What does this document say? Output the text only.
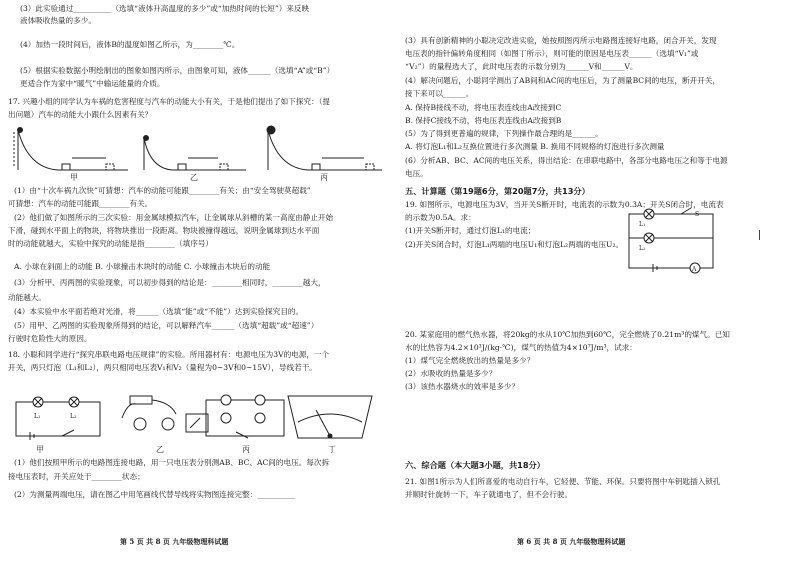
(3）此实验通过__________（选填“液体升高温度的多少”或“加热时间的长短”）来反映
液体吸收热量的多少。
(4）加热一段时间后，液体B的温度如图乙所示，为________℃。
(5）根据实验数据小明绘制出的图象如图丙所示，由图象可知，液体______（选填“A”或“B”）
更适合作为家中“暖气”中输运能量的介质。
17. 兴趣小组的同学认为车祸的危害程度与汽车的动能大小有关，于是他们提出了如下探究：（提
出问题）汽车的动能大小跟什么因素有关？
甲	乙	丙
(1）由“十次车祸九次快”可猜想：汽车的动能可能跟________有关；由“安全驾驶莫超载”
可猜想：汽车的动能可能跟________有关。
(2）他们做了如图所示的三次实验：用金属球模拟汽车，让金属球从斜槽的某一高度由静止开始
下滑，碰到水平面上的物块，将物块推出一段距离。物块被撞得越远，说明金属球到达水平面
时的动能就越大，实验中探究的动能是指________（填序号）
A. 小球在斜面上的动能 B. 小球撞击木块时的动能 C. 小球撞击木块后的动能
(3）分析甲、丙两图的实验现象，可以初步得到的结论是：________相同时，________越大，
动能越大。
(4）本实验中水平面若绝对光滑，将______（选填“能”或“不能”）达到实验探究目的。
(5）用甲、乙两图的实验现象所得到的结论，可以解释汽车______（选填“超载”或“超速”）
行驶时危险性大的原因。
18. 小聪和同学进行“探究串联电路电压规律”的实验。所用器材有：电源电压为3V的电源，一个
开关，两只灯泡（L₁和L₂），两只相同电压表V₁和V₂（量程为0~3V和0~15V），导线若干。
L₁	L₂
甲	乙	丙	丁
(1）他们按照甲所示的电路图连接电路，用一只电压表分别测AB、BC、AC间的电压。每次拆
接电压表时，开关应处于________状态；
(2）为测量两端电压，请在图乙中用笔画线代替导线将实物图连接完整：__________
第 5 页 共 8 页 九年级物理科试题
(3）具有创新精神的小聪决定改进实验，她按照图丙所示电路图连接好电路，闭合开关，发现
电压表的指针偏转角度相同（如图丁所示），则可能的原因是电压表______（选填“V₁”或
“V₂”）的量程选大了，此时电压表的示数分别为______V和______V。
(4）解决问题后，小聪同学测出了AB间和AC间的电压后，为了测量BC间的电压，断开开关，
接下来可以______。
A. 保持B接线不动，将电压表连线由A改接到C
B. 保持C接线不动，将电压表连线由A改接到B
(5）为了得到更普遍的规律，下列操作最合理的是______。
A. 将灯泡L₁和L₂互换位置进行多次测量 B. 换用不同规格的灯泡进行多次测量
(6）分析AB、BC、AC间的电压关系，得出结论：在串联电路中，各部分电路电压之和等于电源
电压。
五、计算题（第19题6分，第20题7分，共13分）
19. 如图所示，电源电压为3V，当开关S断开时，电流表的示数为0.3A；开关S闭合时，电流表
的示数为0.5A。求：
(1)开关S断开时，通过灯泡L₁的电流；
(2)开关S闭合时，灯泡L₁两端的电压U₁和灯泡L₂两端的电压U₂。
A
S
L₁
L₂
20. 某家庭用的燃气热水器，将20kg的水从10℃加热到60℃，完全燃烧了0.21m³的煤气。已知
水的比热容为4.2×10³J/(kg·℃)，煤气的热值为4×10⁷J/m³，试求：
(1）煤气完全燃烧放出的热量是多少？
(2）水吸收的热量是多少？
(3）该热水器烧水的效率是多少？
六、综合题（本大题3小题，共18分）
21. 如图1所示为人们所喜爱的电动自行车，它轻便、节能、环保。只要将图中车钥匙插入锁孔
并顺时针旋转一下，车子就通电了，但不会行驶。
第 6 页 共 8 页 九年级物理科试题
